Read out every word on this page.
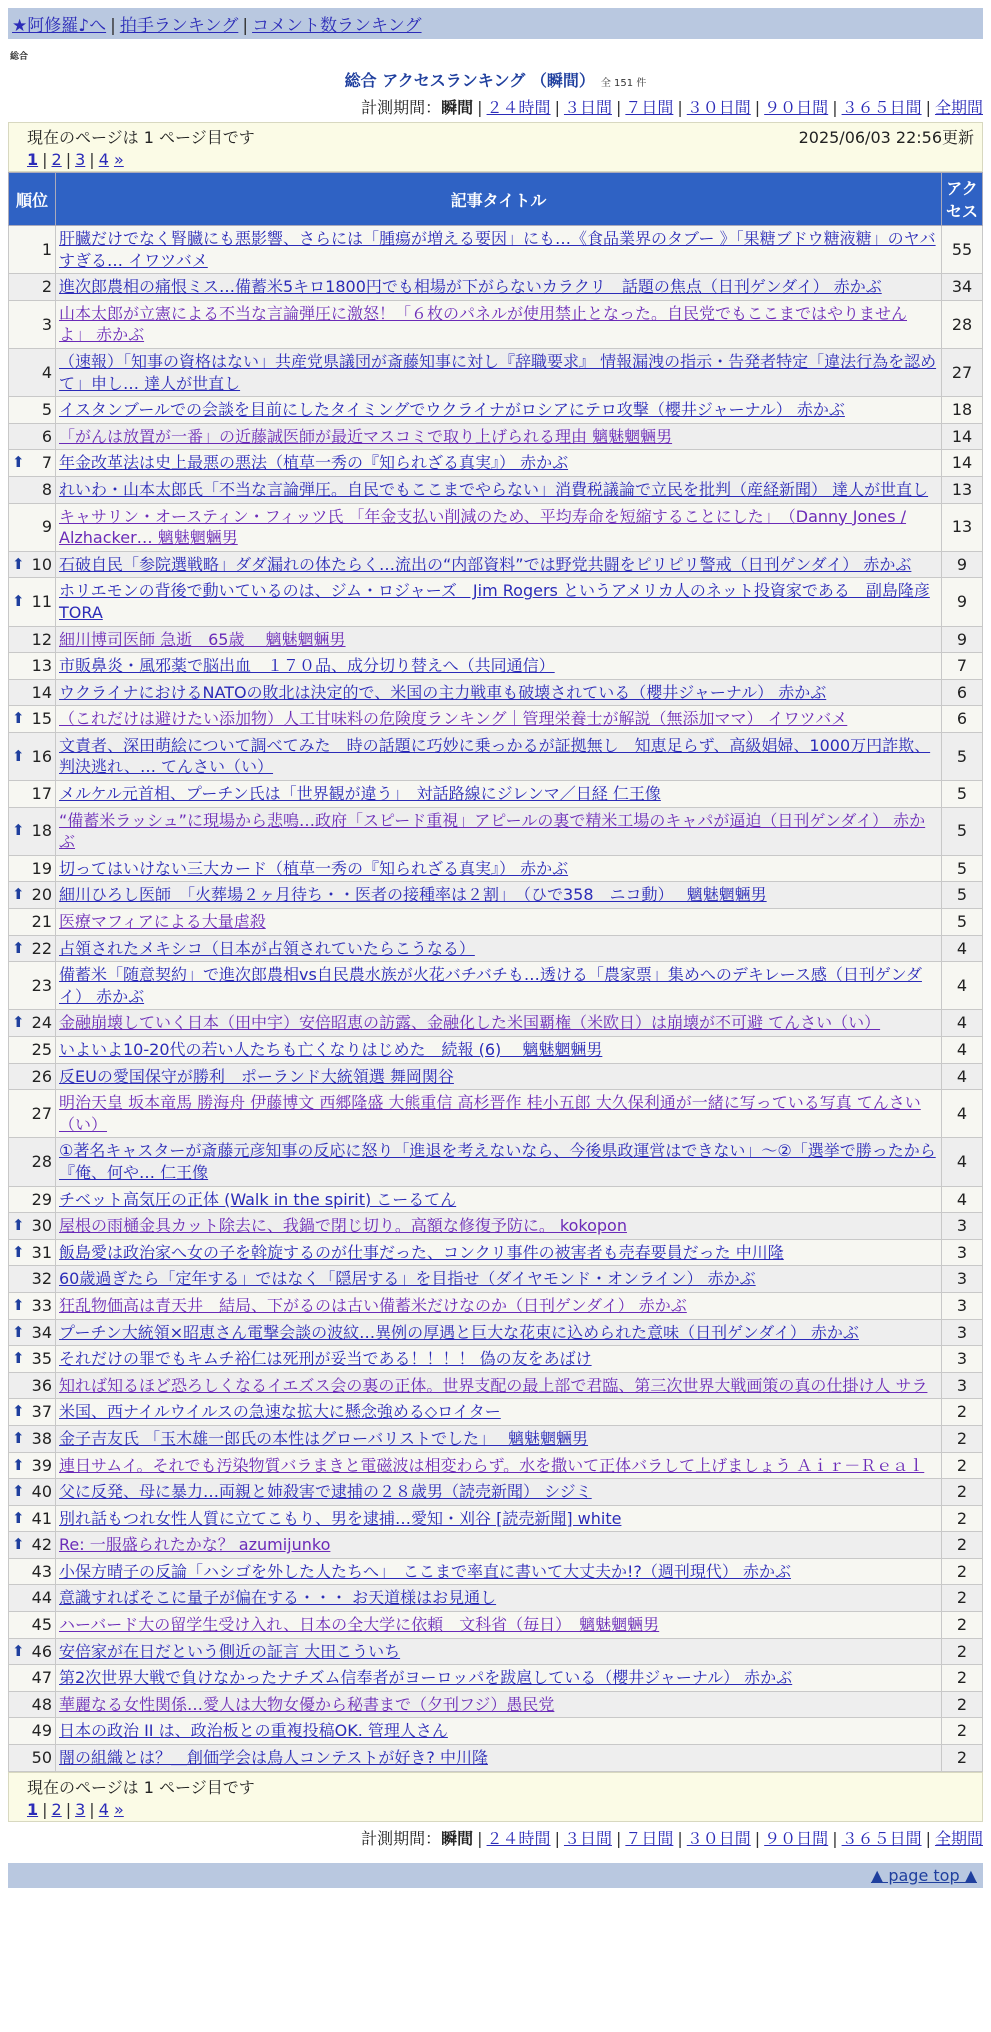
★阿修羅♪へ | 拍手ランキング | コメント数ランキング
総合
総合 アクセスランキング （瞬間） 全 151 件
計測期間：瞬間 | ２４時間 | ３日間 | ７日間 | ３０日間 | ９０日間 | ３６５日間 | 全期間
現在のページは 1 ページ目です	2025/06/03 22:56更新
1 | 2 | 3 | 4 »
順位	記事タイトル	アクセス
1	肝臓だけでなく腎臓にも悪影響、さらには「腫瘍が増える要因」にも…《食品業界のタブー 》「果糖ブドウ糖液糖」のヤバすぎる… イワツバメ	55
2	進次郎農相の痛恨ミス…備蓄米5キロ1800円でも相場が下がらないカラクリ　話題の焦点（日刊ゲンダイ） 赤かぶ	34
3	山本太郎が立憲による不当な言論弾圧に激怒！「６枚のパネルが使用禁止となった。自民党でもここまではやりませんよ」 赤かぶ	28
4	（速報）「知事の資格はない」共産党県議団が斎藤知事に対し『辞職要求』 情報漏洩の指示・告発者特定「違法行為を認めて」申し… 達人が世直し	27
5	イスタンブールでの会談を目前にしたタイミングでウクライナがロシアにテロ攻撃（櫻井ジャーナル） 赤かぶ	18
6	「がんは放置が一番」の近藤誠医師が最近マスコミで取り上げられる理由 魑魅魍魎男	14

⬆ 7	年金改革法は史上最悪の悪法（植草一秀の『知られざる真実』） 赤かぶ	14
8	れいわ・山本太郎氏「不当な言論弾圧。自民でもここまでやらない」消費税議論で立民を批判（産経新聞） 達人が世直し	13
9	キャサリン・オースティン・フィッツ氏 「年金支払い削減のため、平均寿命を短縮することにした」　（Danny Jones / Alzhacker… 魑魅魍魎男	13

⬆ 10	石破自民「参院選戦略」ダダ漏れの体たらく…流出の“内部資料”では野党共闘をピリピリ警戒（日刊ゲンダイ） 赤かぶ	9

⬆ 11	ホリエモンの背後で動いているのは、ジム・ロジャーズ　Jim Rogers というアメリカ人のネット投資家である　副島隆彦 TORA	9
12	細川博司医師 急逝　65歳　 魑魅魍魎男	9
13	市販鼻炎・風邪薬で脳出血　１７０品、成分切り替えへ（共同通信）	7
14	ウクライナにおけるNATOの敗北は決定的で、米国の主力戦車も破壊されている（櫻井ジャーナル） 赤かぶ	6

⬆ 15	（これだけは避けたい添加物）人工甘味料の危険度ランキング｜管理栄養士が解説（無添加ママ） イワツバメ	6

⬆ 16	文責者、深田萌絵について調べてみた　時の話題に巧妙に乗っかるが証拠無し　知恵足らず、高級娼婦、1000万円詐欺、判決逃れ、… てんさい（い）	5
17	メルケル元首相、プーチン氏は「世界観が違う」　対話路線にジレンマ／日経 仁王像	5

⬆ 18	“備蓄米ラッシュ”に現場から悲鳴…政府「スピード重視」アピールの裏で精米工場のキャパが逼迫（日刊ゲンダイ） 赤かぶ	5
19	切ってはいけない三大カード（植草一秀の『知られざる真実』） 赤かぶ	5

⬆ 20	細川ひろし医師　「火葬場２ヶ月待ち・・医者の接種率は２割」　（ひで358　ニコ動）　 魑魅魍魎男	5
21	医療マフィアによる大量虐殺	5

⬆ 22	占領されたメキシコ（日本が占領されていたらこうなる）	4
23	備蓄米「随意契約」で進次郎農相vs自民農水族が火花バチバチも…透ける「農家票」集めへのデキレース感（日刊ゲンダイ） 赤かぶ	4

⬆ 24	金融崩壊していく日本（田中宇）安倍昭恵の訪露、金融化した米国覇権（米欧日）は崩壊が不可避 てんさい（い）	4
25	いよいよ10-20代の若い人たちも亡くなりはじめた　続報 (6)　 魑魅魍魎男	4
26	反EUの愛国保守が勝利　ポーランド大統領選 舞岡関谷	4
27	明治天皇 坂本竜馬 勝海舟 伊藤博文 西郷隆盛 大熊重信 高杉晋作 桂小五郎 大久保利通が一緒に写っている写真 てんさい（い）	4
28	①著名キャスターが斎藤元彦知事の反応に怒り「進退を考えないなら、今後県政運営はできない」～②「選挙で勝ったから『俺、何や… 仁王像	4
29	チベット高気圧の正体 (Walk in the spirit) こーるてん	4

⬆ 30	屋根の雨樋金具カット除去に、我鍋で閉じ切り。高額な修復予防に。 kokopon	3

⬆ 31	飯島愛は政治家へ女の子を斡旋するのが仕事だった、コンクリ事件の被害者も売春要員だった 中川隆	3
32	60歳過ぎたら「定年する」ではなく「隠居する」を目指せ（ダイヤモンド・オンライン） 赤かぶ	3

⬆ 33	狂乱物価高は青天井　結局、下がるのは古い備蓄米だけなのか（日刊ゲンダイ） 赤かぶ	3

⬆ 34	プーチン大統領×昭恵さん電撃会談の波紋…異例の厚遇と巨大な花束に込められた意味（日刊ゲンダイ） 赤かぶ	3

⬆ 35	それだけの罪でもキムチ裕仁は死刑が妥当である！！！！ 偽の友をあばけ	3
36	知れば知るほど恐ろしくなるイエズス会の裏の正体。世界支配の最上部で君臨、第三次世界大戦画策の真の仕掛け人 サラ	3

⬆ 37	米国、西ナイルウイルスの急速な拡大に懸念強める◇ロイター	2

⬆ 38	金子吉友氏 「玉木雄一郎氏の本性はグローバリストでした」　 魑魅魍魎男	2

⬆ 39	連日サムイ。それでも汚染物質バラまきと電磁波は相変わらず。水を撒いて正体バラして上げましょう Ａｉｒ－Ｒｅａｌ	2

⬆ 40	父に反発、母に暴力…両親と姉殺害で逮捕の２８歳男（読売新聞） シジミ	2

⬆ 41	別れ話もつれ女性人質に立てこもり、男を逮捕…愛知・刈谷 [読売新聞] white	2

⬆ 42	Re: 一服盛られたかな？ azumijunko	2
43	小保方晴子の反論「ハシゴを外した人たちへ」　ここまで率直に書いて大丈夫か!?（週刊現代） 赤かぶ	2
44	意識すればそこに量子が偏在する・・・ お天道様はお見通し	2
45	ハーバード大の留学生受け入れ、日本の全大学に依頼　文科省（毎日）　魑魅魍魎男	2

⬆ 46	安倍家が在日だという側近の証言 大田こういち	2
47	第2次世界大戦で負けなかったナチズム信奉者がヨーロッパを跋扈している（櫻井ジャーナル） 赤かぶ	2
48	華麗なる女性関係…愛人は大物女優から秘書まで（夕刊フジ）愚民党	2
49	日本の政治 II は、政治板との重複投稿OK. 管理人さん	2
50	闇の組織とは？＿創価学会は鳥人コンテストが好き? 中川隆	2
現在のページは 1 ページ目です
1 | 2 | 3 | 4 »
計測期間：瞬間 | ２４時間 | ３日間 | ７日間 | ３０日間 | ９０日間 | ３６５日間 | 全期間
▲ page top ▲
